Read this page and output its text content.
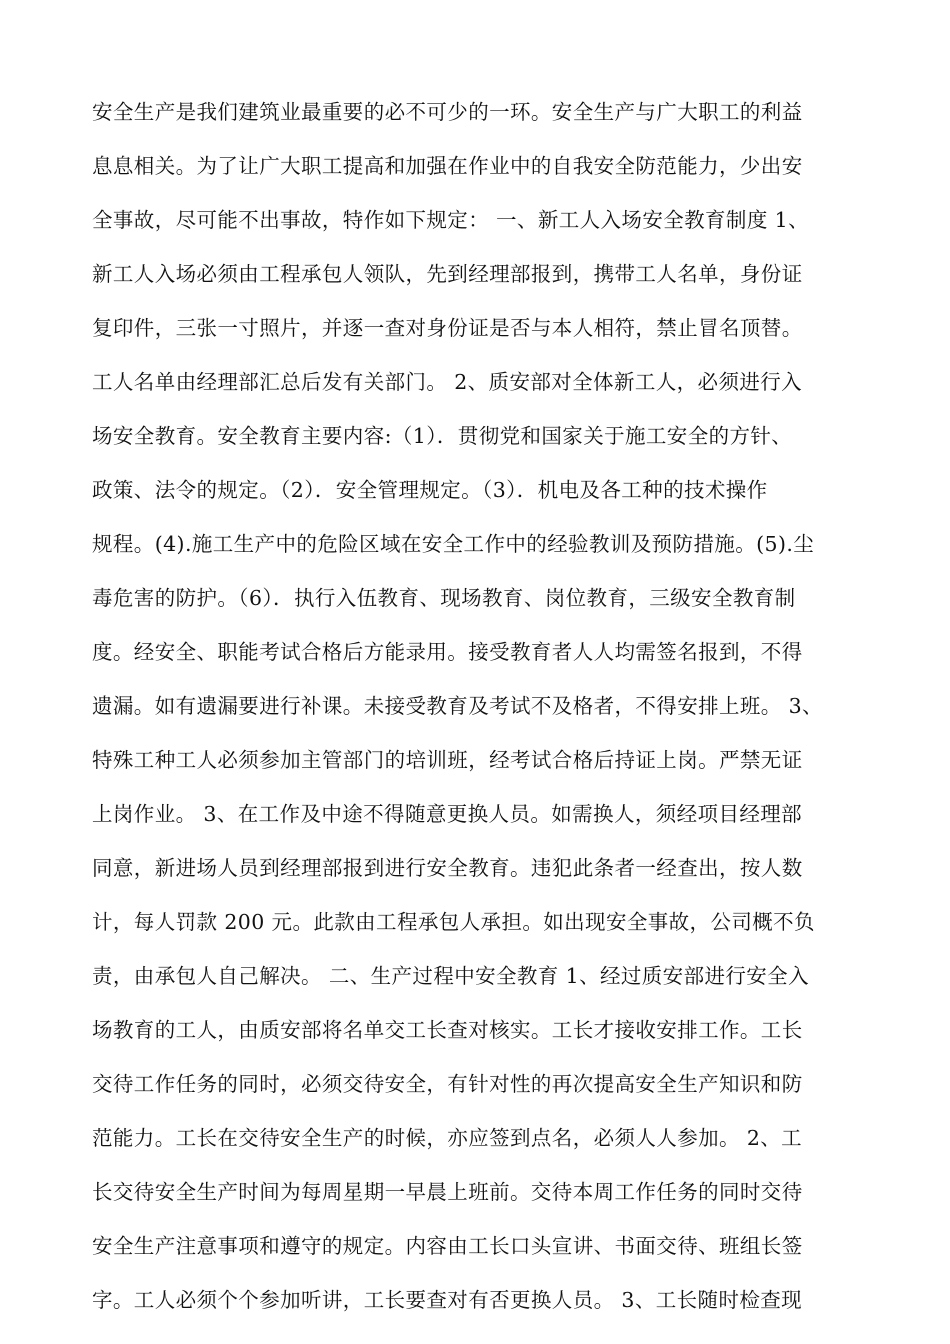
安全生产是我们建筑业最重要的必不可少的一环。安全生产与广大职工的利益
息息相关。为了让广大职工提高和加强在作业中的自我安全防范能力，少出安
全事故，尽可能不出事故，特作如下规定： 一、新工人入场安全教育制度 1、
新工人入场必须由工程承包人领队，先到经理部报到，携带工人名单，身份证
复印件，三张一寸照片，并逐一查对身份证是否与本人相符，禁止冒名顶替。
工人名单由经理部汇总后发有关部门。 2、质安部对全体新工人，必须进行入
场安全教育。安全教育主要内容:（1）．贯彻党和国家关于施工安全的方针、
政策、法令的规定。（2）．安全管理规定。（3）．机电及各工种的技术操作
规程。(4).施工生产中的危险区域在安全工作中的经验教训及预防措施。(5).尘
毒危害的防护。（6）．执行入伍教育、现场教育、岗位教育，三级安全教育制
度。经安全、职能考试合格后方能录用。接受教育者人人均需签名报到，不得
遗漏。如有遗漏要进行补课。未接受教育及考试不及格者，不得安排上班。 3、
特殊工种工人必须参加主管部门的培训班，经考试合格后持证上岗。严禁无证
上岗作业。 3、在工作及中途不得随意更换人员。如需换人，须经项目经理部
同意，新进场人员到经理部报到进行安全教育。违犯此条者一经查出，按人数
计，每人罚款 200 元。此款由工程承包人承担。如出现安全事故，公司概不负
责，由承包人自己解决。 二、生产过程中安全教育 1、经过质安部进行安全入
场教育的工人，由质安部将名单交工长查对核实。工长才接收安排工作。工长
交待工作任务的同时，必须交待安全，有针对性的再次提高安全生产知识和防
范能力。工长在交待安全生产的时候，亦应签到点名，必须人人参加。 2、工
长交待安全生产时间为每周星期一早晨上班前。交待本周工作任务的同时交待
安全生产注意事项和遵守的规定。内容由工长口头宣讲、书面交待、班组长签
字。工人必须个个参加听讲，工长要查对有否更换人员。 3、工长随时检查现
